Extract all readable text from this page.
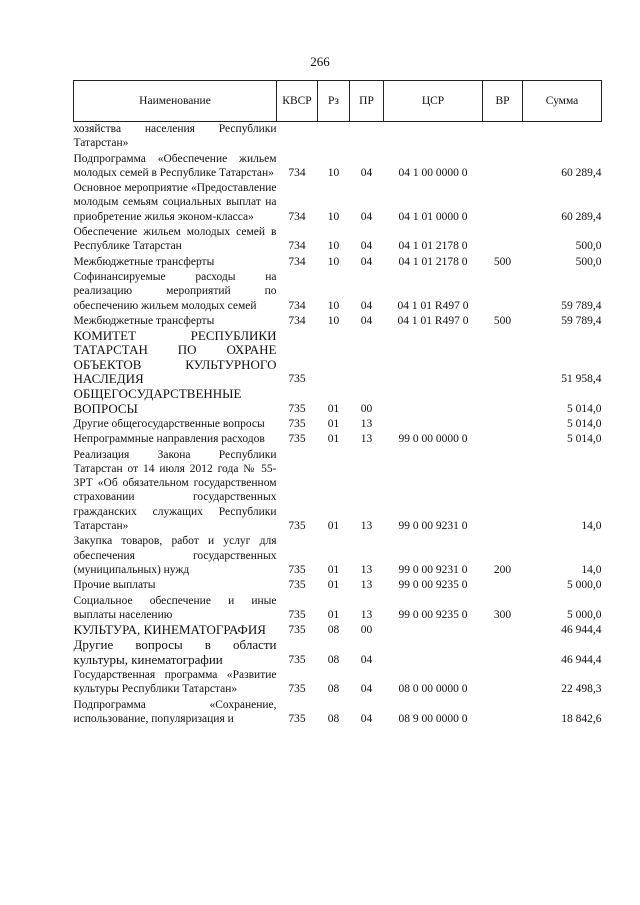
266
Наименование	КВСР	Рз	ПР	ЦСР	ВР	Сумма
хозяйства населения Республики Татарстан»						
Подпрограмма «Обеспечение жильем молодых семей в Республике Татарстан»	734	10	04	04 1 00 0000 0		60 289,4
Основное мероприятие «Предоставление молодым семьям социальных выплат на приобретение жилья эконом-класса»	734	10	04	04 1 01 0000 0		60 289,4
Обеспечение жильем молодых семей в Республике Татарстан	734	10	04	04 1 01 2178 0		500,0
Межбюджетные трансферты	734	10	04	04 1 01 2178 0	500	500,0
Софинансируемые расходы на реализацию мероприятий по обеспечению жильем молодых семей	734	10	04	04 1 01 R497 0		59 789,4
Межбюджетные трансферты	734	10	04	04 1 01 R497 0	500	59 789,4
КОМИТЕТ РЕСПУБЛИКИ ТАТАРСТАН ПО ОХРАНЕ ОБЪЕКТОВ КУЛЬТУРНОГО НАСЛЕДИЯ	735					51 958,4
ОБЩЕГОСУДАРСТВЕННЫЕ ВОПРОСЫ	735	01	00			5 014,0
Другие общегосударственные вопросы	735	01	13			5 014,0
Непрограммные направления расходов	735	01	13	99 0 00 0000 0		5 014,0
Реализация Закона Республики Татарстан от 14 июля 2012 года № 55-ЗРТ «Об обязательном государственном страховании государственных гражданских служащих Республики Татарстан»	735	01	13	99 0 00 9231 0		14,0
Закупка товаров, работ и услуг для обеспечения государственных (муниципальных) нужд	735	01	13	99 0 00 9231 0	200	14,0
Прочие выплаты	735	01	13	99 0 00 9235 0		5 000,0
Социальное обеспечение и иные выплаты населению	735	01	13	99 0 00 9235 0	300	5 000,0
КУЛЬТУРА, КИНЕМАТОГРАФИЯ	735	08	00			46 944,4
Другие вопросы в области культуры, кинематографии	735	08	04			46 944,4
Государственная программа «Развитие культуры Республики Татарстан»	735	08	04	08 0 00 0000 0		22 498,3
Подпрограмма «Сохранение, использование, популяризация и	735	08	04	08 9 00 0000 0		18 842,6
